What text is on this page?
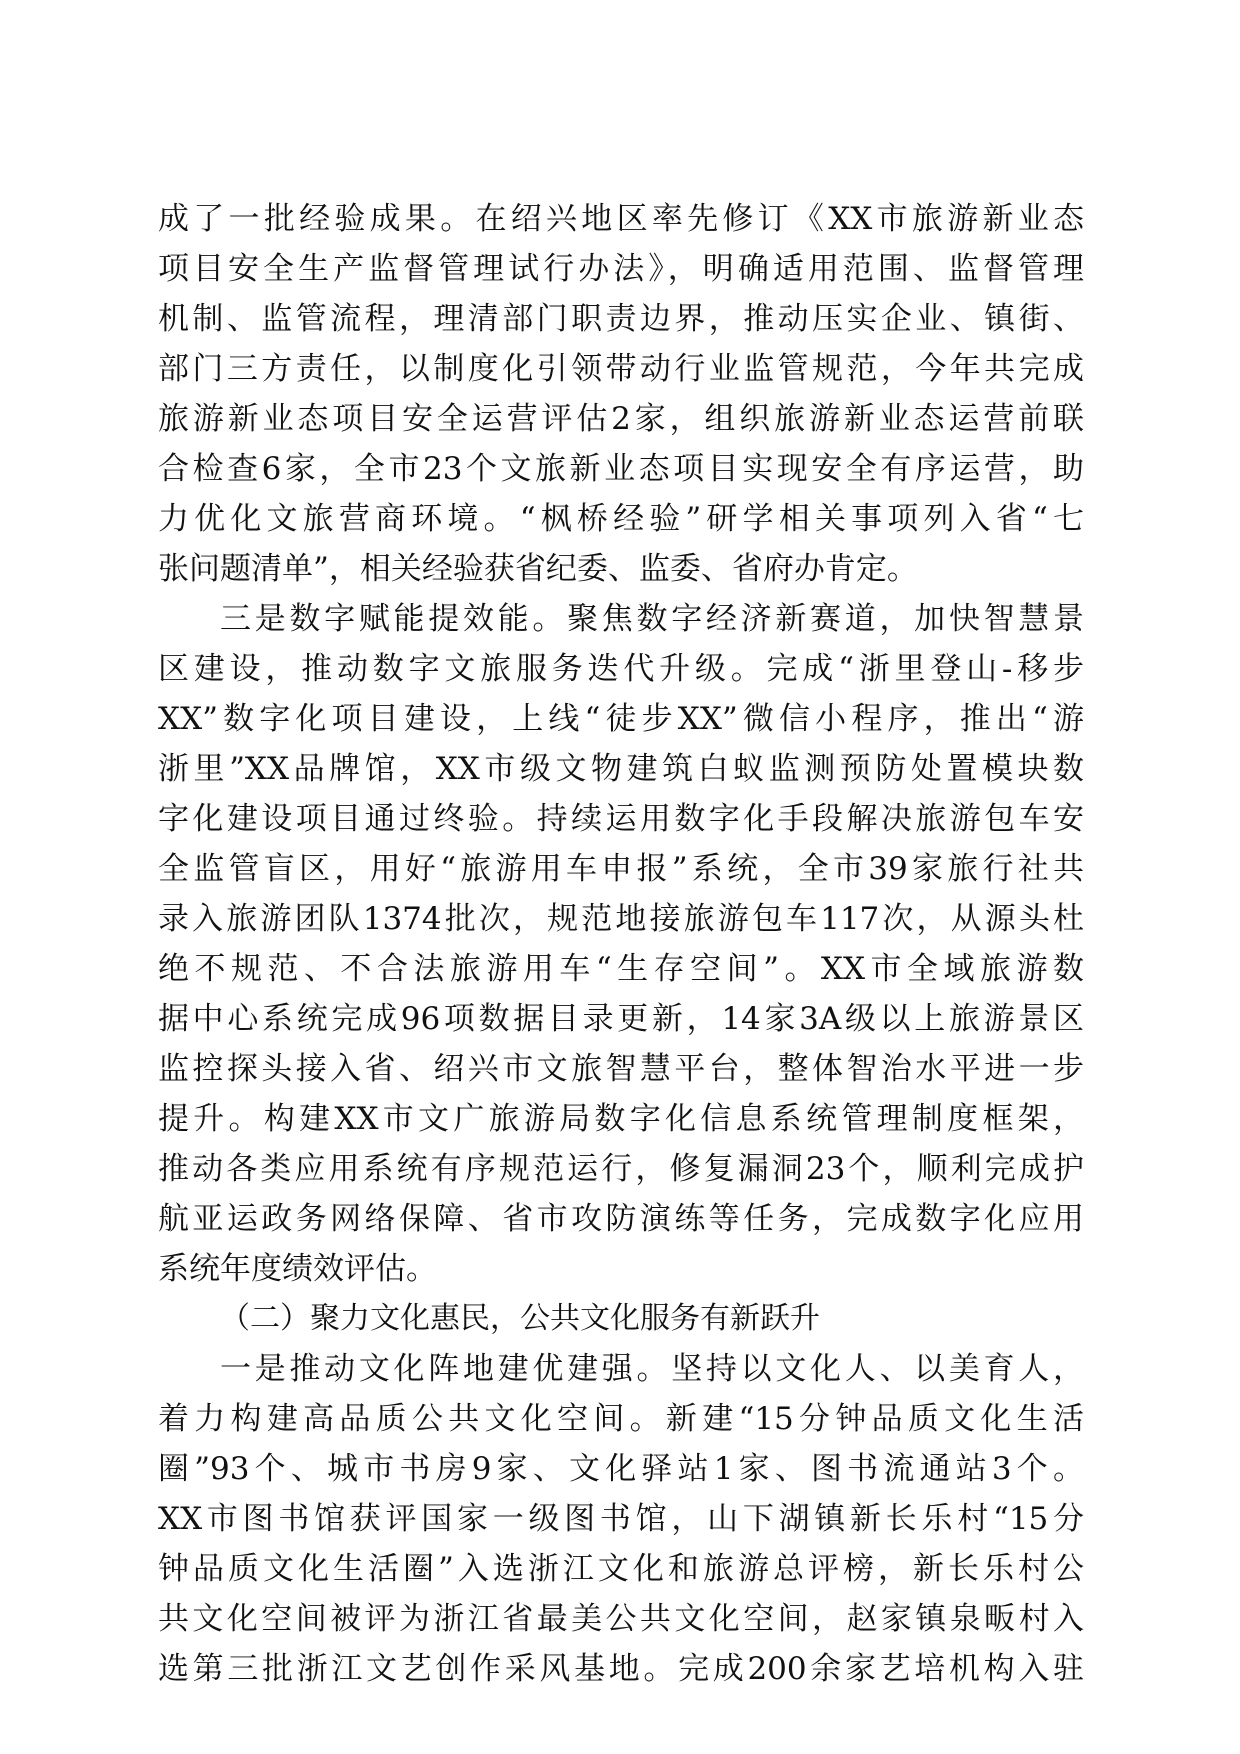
成了一批经验成果。在绍兴地区率先修订《XX市旅游新业态
项目安全生产监督管理试行办法》，明确适用范围、监督管理
机制、监管流程，理清部门职责边界，推动压实企业、镇街、
部门三方责任，以制度化引领带动行业监管规范，今年共完成
旅游新业态项目安全运营评估2家，组织旅游新业态运营前联
合检查6家，全市23个文旅新业态项目实现安全有序运营，助
力优化文旅营商环境。“枫桥经验”研学相关事项列入省“七
张问题清单”，相关经验获省纪委、监委、省府办肯定。
三是数字赋能提效能。聚焦数字经济新赛道，加快智慧景
区建设，推动数字文旅服务迭代升级。完成“浙里登山-移步
XX”数字化项目建设，上线“徒步XX”微信小程序，推出“游
浙里”XX品牌馆，XX市级文物建筑白蚁监测预防处置模块数
字化建设项目通过终验。持续运用数字化手段解决旅游包车安
全监管盲区，用好“旅游用车申报”系统，全市39家旅行社共
录入旅游团队1374批次，规范地接旅游包车117次，从源头杜
绝不规范、不合法旅游用车“生存空间”。XX市全域旅游数
据中心系统完成96项数据目录更新，14家3A级以上旅游景区
监控探头接入省、绍兴市文旅智慧平台，整体智治水平进一步
提升。构建XX市文广旅游局数字化信息系统管理制度框架，
推动各类应用系统有序规范运行，修复漏洞23个，顺利完成护
航亚运政务网络保障、省市攻防演练等任务，完成数字化应用
系统年度绩效评估。
（二）聚力文化惠民，公共文化服务有新跃升
一是推动文化阵地建优建强。坚持以文化人、以美育人，
着力构建高品质公共文化空间。新建“15分钟品质文化生活
圈”93个、城市书房9家、文化驿站1家、图书流通站3个。
XX市图书馆获评国家一级图书馆，山下湖镇新长乐村“15分
钟品质文化生活圈”入选浙江文化和旅游总评榜，新长乐村公
共文化空间被评为浙江省最美公共文化空间，赵家镇泉畈村入
选第三批浙江文艺创作采风基地。完成200余家艺培机构入驻
